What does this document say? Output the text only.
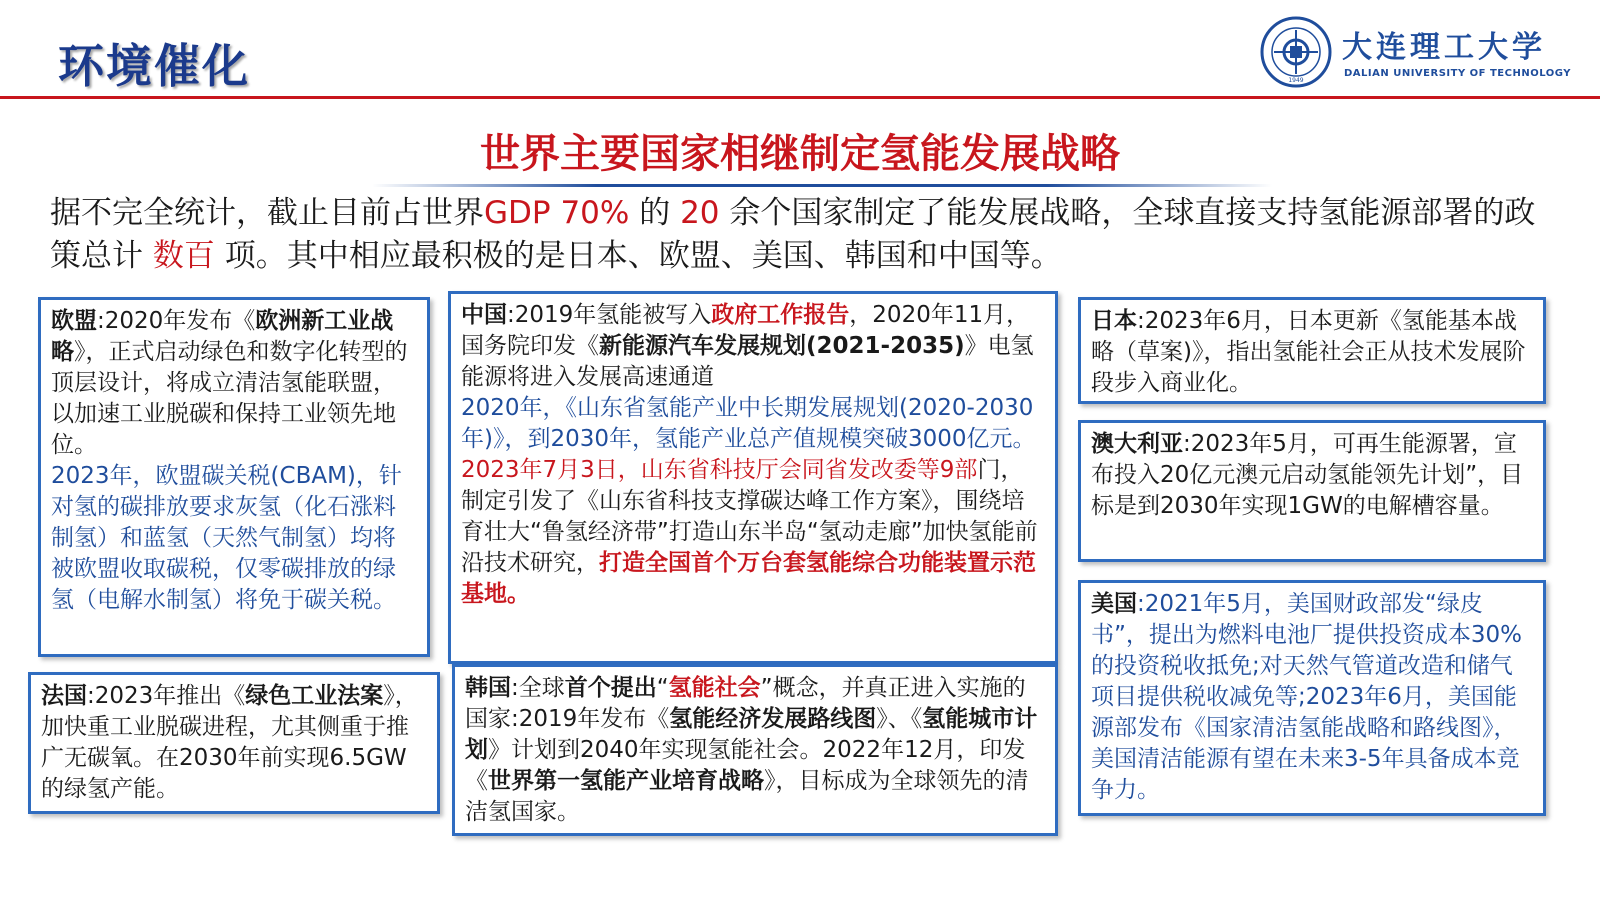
环境催化	1949
大连理工大学
DALIAN UNIVERSITY OF TECHNOLOGY
世界主要国家相继制定氢能发展战略
据不完全统计，截止目前占世界GDP 70% 的 20 余个国家制定了能发展战略，全球直接支持氢能源部署的政策总计 数百 项。其中相应最积极的是日本、欧盟、美国、韩国和中国等。

欧盟:2020年发布《欧洲新工业战略》，正式启动绿色和数字化转型的顶层设计，将成立清洁氢能联盟，以加速工业脱碳和保持工业领先地位。

2023年，欧盟碳关税(CBAM)，针对氢的碳排放要求灰氢（化石涨料制氢）和蓝氢（天然气制氢）均将被欧盟收取碳税，仅零碳排放的绿氢（电解水制氢）将免于碳关税。

法国:2023年推出《绿色工业法案》，加快重工业脱碳进程，尤其侧重于推广无碳氧。在2030年前实现6.5GW的绿氢产能。

中国:2019年氢能被写入政府工作报告，2020年11月，国务院印发《新能源汽车发展规划(2021-2035)》电氢能源将进入发展高速通道

2020年，《山东省氢能产业中长期发展规划(2020-2030年)》，到2030年，氢能产业总产值规模突破3000亿元。

2023年7月3日，山东省科技厅会同省发改委等9部门，制定引发了《山东省科技支撑碳达峰工作方案》，围绕培育壮大“鲁氢经济带”打造山东半岛“氢动走廊”加快氢能前沿技术研究，打造全国首个万台套氢能综合功能装置示范基地。

韩国:全球首个提出“氢能社会”概念，并真正进入实施的国家:2019年发布《氢能经济发展路线图》、《氢能城市计划》计划到2040年实现氢能社会。2022年12月，印发《世界第一氢能产业培育战略》，目标成为全球领先的清洁氢国家。

日本:2023年6月，日本更新《氢能基本战略（草案)》，指出氢能社会正从技术发展阶段步入商业化。

澳大利亚:2023年5月，可再生能源署，宣布投入20亿元澳元启动氢能领先计划”，目标是到2030年实现1GW的电解槽容量。

美国:2021年5月，美国财政部发“绿皮书”，提出为燃料电池厂提供投资成本30%的投资税收抵免;对天然气管道改造和储气项目提供税收减免等;2023年6月，美国能源部发布《国家清洁氢能战略和路线图》，美国清洁能源有望在未来3-5年具备成本竞争力。
